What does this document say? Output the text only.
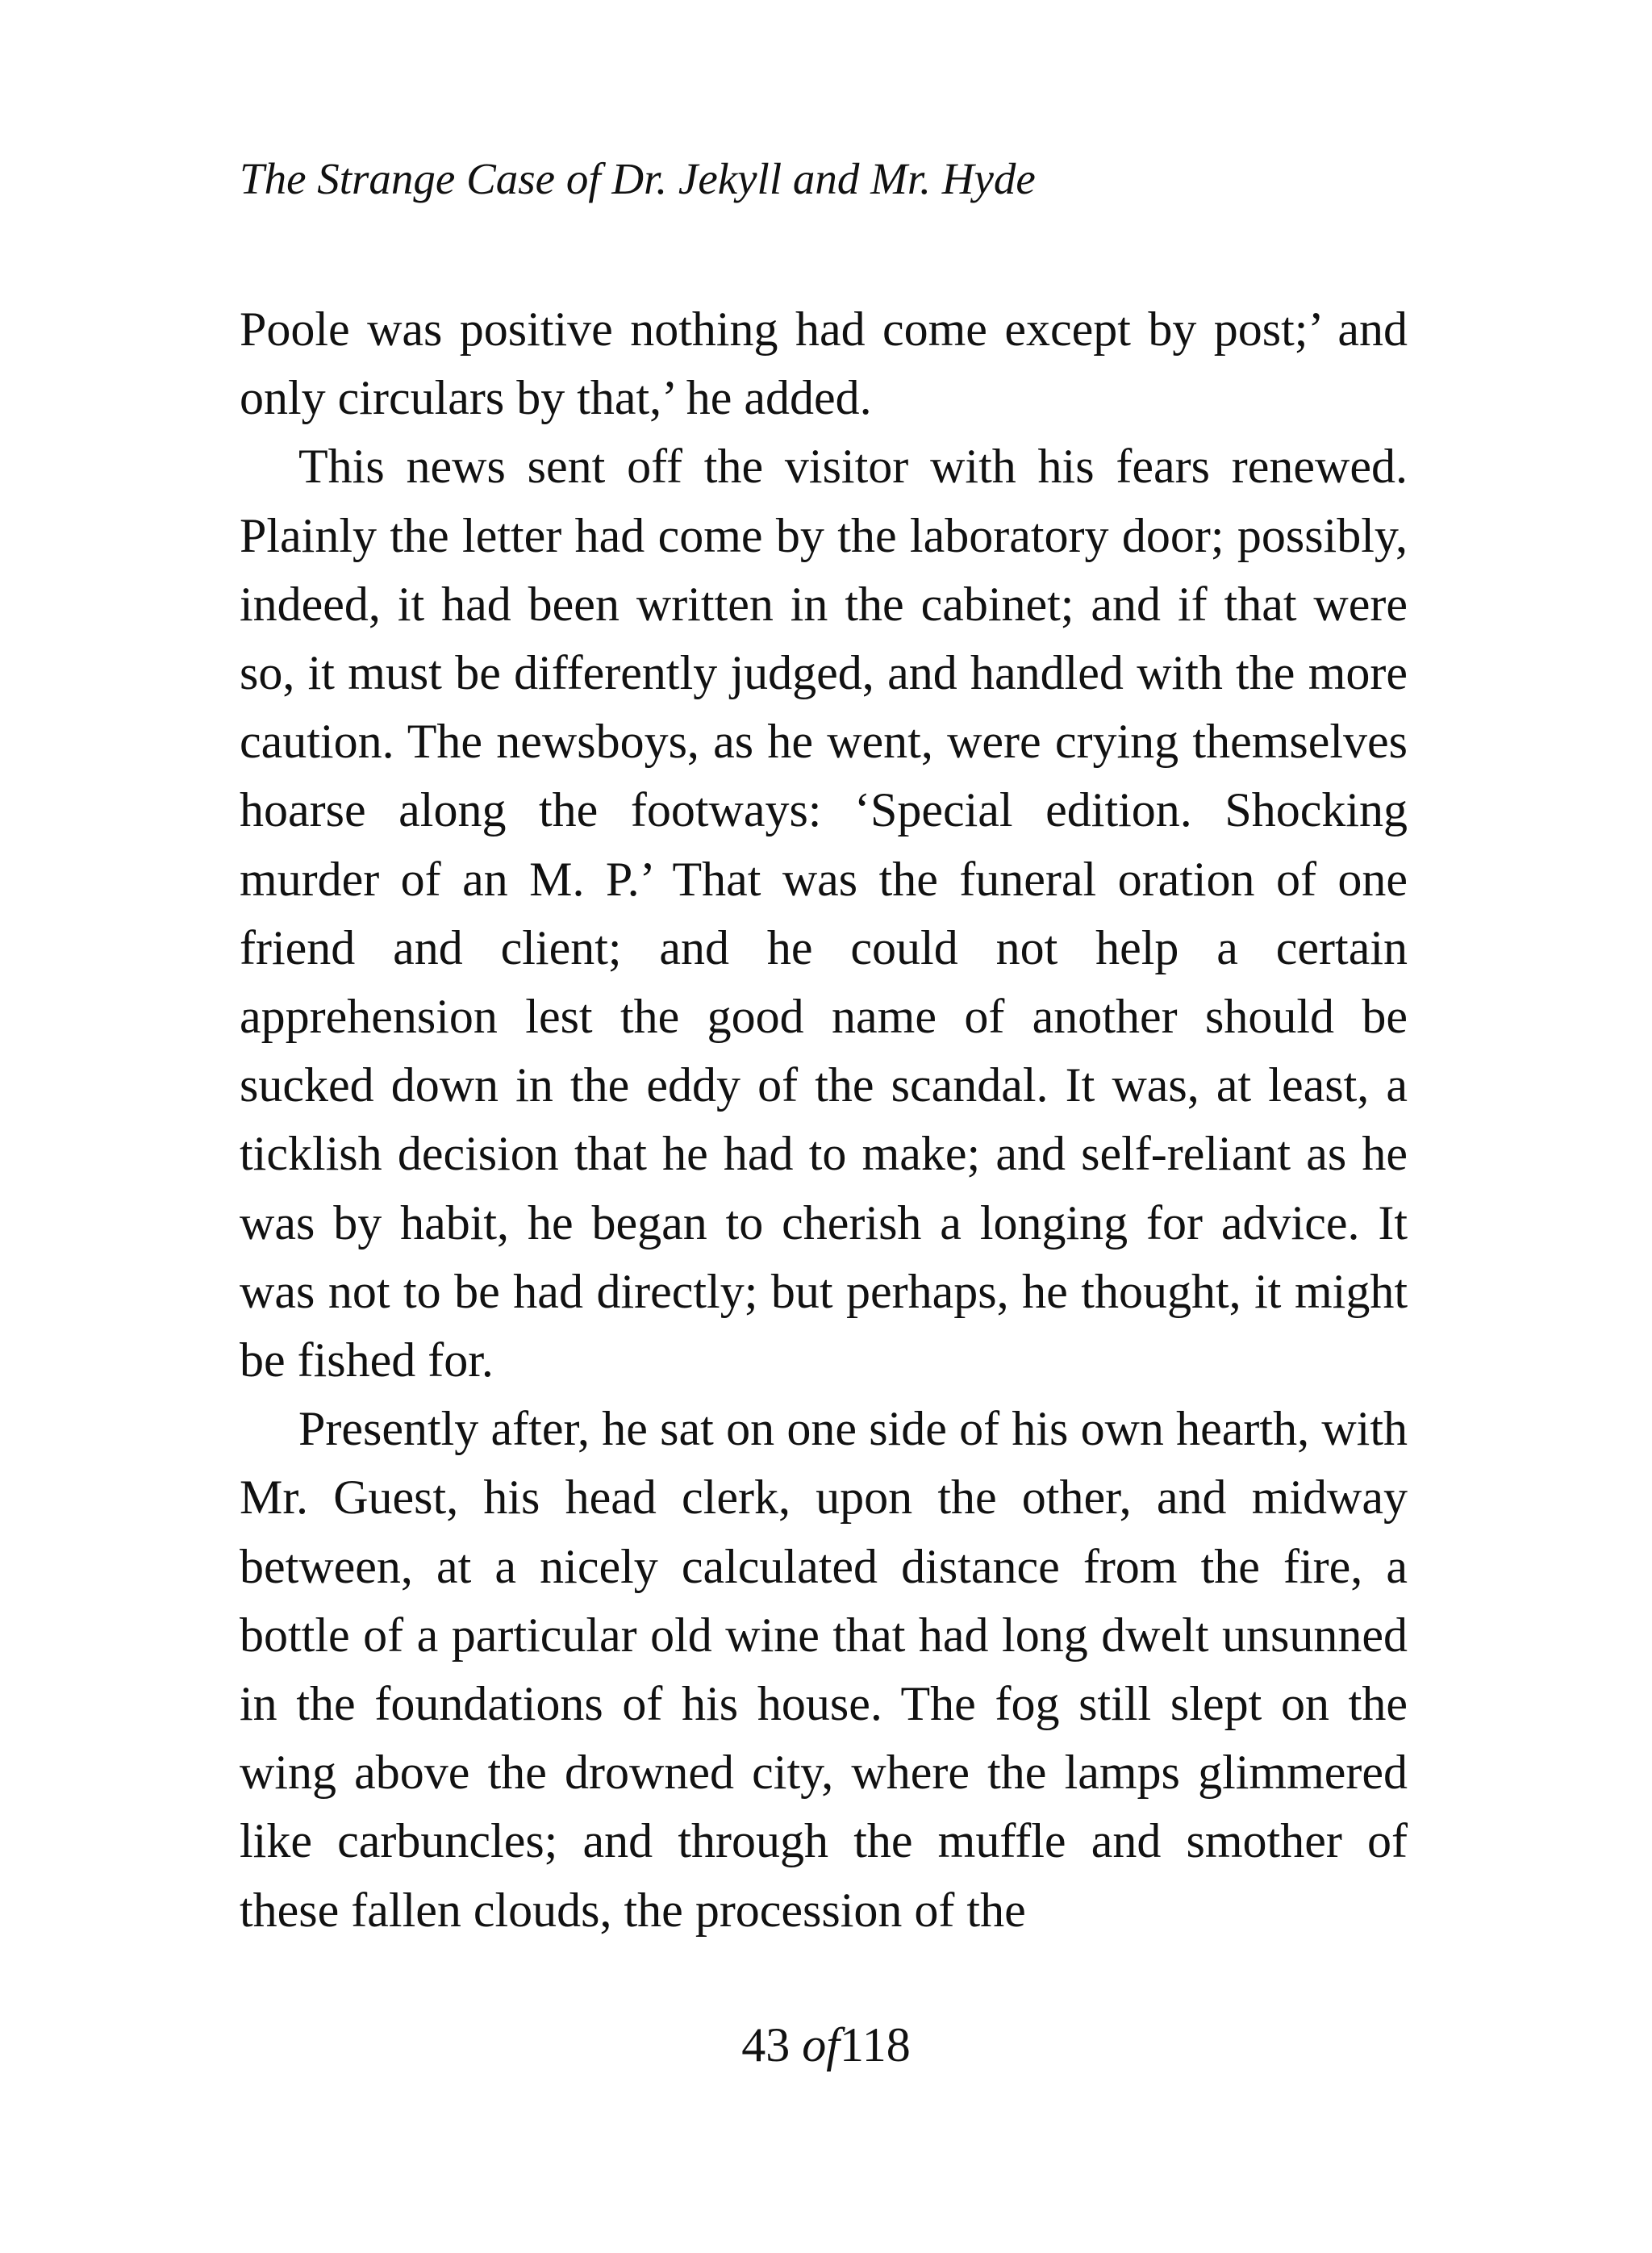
The Strange Case of Dr. Jekyll and Mr. Hyde

Poole was positive nothing had come except by post;’ and only circulars by that,’ he added.

This news sent off the visitor with his fears renewed. Plainly the letter had come by the laboratory door; possibly, indeed, it had been written in the cabinet; and if that were so, it must be differently judged, and handled with the more caution. The newsboys, as he went, were crying themselves hoarse along the footways: ‘Special edition. Shocking murder of an M. P.’ That was the funeral oration of one friend and client; and he could not help a certain apprehension lest the good name of another should be sucked down in the eddy of the scandal. It was, at least, a ticklish decision that he had to make; and self-reliant as he was by habit, he began to cherish a longing for advice. It was not to be had directly; but perhaps, he thought, it might be fished for.

Presently after, he sat on one side of his own hearth, with Mr. Guest, his head clerk, upon the other, and midway between, at a nicely calculated distance from the fire, a bottle of a particular old wine that had long dwelt unsunned in the foundations of his house. The fog still slept on the wing above the drowned city, where the lamps glimmered like carbuncles; and through the muffle and smother of these fallen clouds, the procession of the

43 of118
